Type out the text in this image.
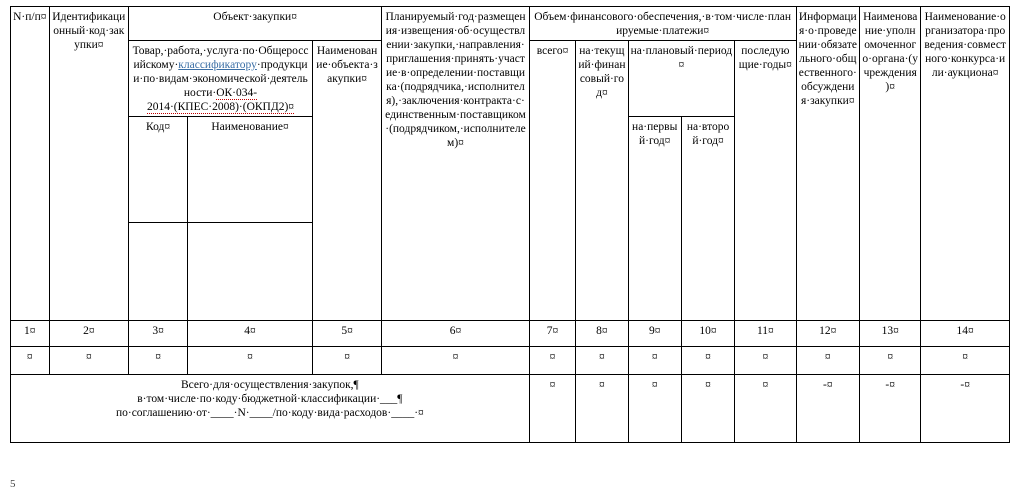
N·п/п¤	Идентификационный·код·закупки¤	Объект·закупки¤			Планируемый·год·размещения·извещения·об·осуществлении·закупки,·направления·приглашения·принять·участие·в·определении·поставщика·(подрядчика,·исполнителя),·заключения·контракта·с·единственным·поставщиком·(подрядчиком,·исполнителем)¤	Объем·финансового·обеспечения,·в·том·числе·планируемые·платежи¤					Информация·о·проведении·обязательного·общественного·обсуждения·закупки¤	Наименование·уполномоченного·органа·(учреждения)¤	Наименование·организатора·проведения·совместного·конкурса·или·аукциона¤
		Товар,·работа,·услуга·по·Общероссийскому·классификатору·продукции·по·видам·экономической·деятельности·ОК·034-2014·(КПЕС·2008)·(ОКПД2)¤		Наименование·объекта·закупки¤		всего¤	на·текущий·финансовый·год¤	на·плановый·период¤		последующие·годы¤			
		Код¤	Наименование¤					на·первый·год¤	на·второй·год¤				

1¤	2¤	3¤	4¤	5¤	6¤	7¤	8¤	9¤	10¤	11¤	12¤	13¤	14¤
¤	¤	¤	¤	¤	¤	¤	¤	¤	¤	¤	¤	¤	¤

Всего·для·осуществления·закупок,¶
в·том·числе·по·коду·бюджетной·классификации·___¶
по·соглашению·от·____·N·____/по·коду·вида·расходов·____·¤						¤	¤	¤	¤	¤	-¤	-¤	-¤
5
